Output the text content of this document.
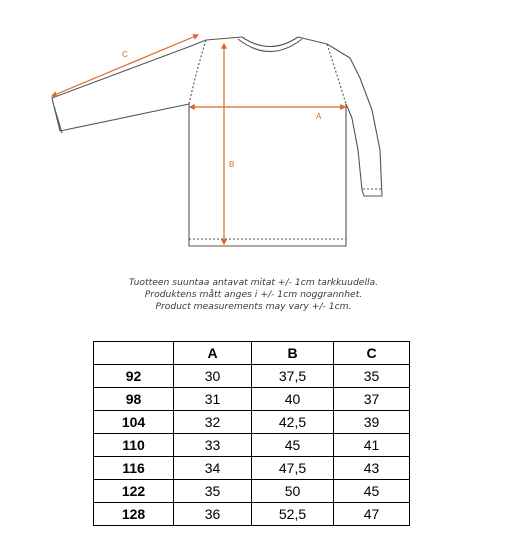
C
B
A
Tuotteen suuntaa antavat mitat +/- 1cm tarkkuudella.
Produktens mått anges i +/- 1cm noggrannhet.
Product measurements may vary +/- 1cm.
	A	B	C
92	30	37,5	35
98	31	40	37
104	32	42,5	39
110	33	45	41
116	34	47,5	43
122	35	50	45
128	36	52,5	47
